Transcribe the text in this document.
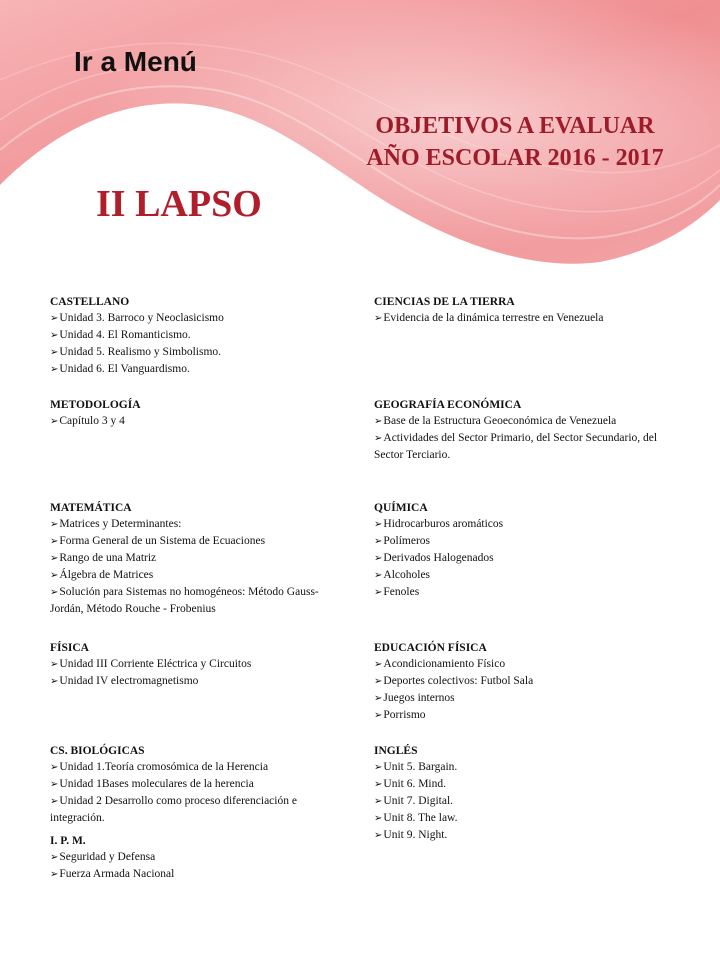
Ir a Menú
OBJETIVOS A EVALUAR
AÑO ESCOLAR 2016 - 2017
II LAPSO
CASTELLANO
➢Unidad 3. Barroco y Neoclasicismo
➢Unidad 4. El Romanticismo.
➢Unidad 5. Realismo y Simbolismo.
➢Unidad 6. El Vanguardismo.
CIENCIAS DE LA TIERRA
➢Evidencia de la dinámica terrestre en Venezuela
METODOLOGÍA
➢Capítulo 3 y 4
GEOGRAFÍA ECONÓMICA
➢Base de la Estructura Geoeconómica de Venezuela
➢Actividades del Sector Primario, del Sector Secundario, del Sector Terciario.
MATEMÁTICA
➢Matrices y Determinantes:
➢Forma General de un Sistema de Ecuaciones
➢Rango de una Matriz
➢Álgebra de Matrices
➢Solución para Sistemas no homogéneos: Método Gauss-Jordán, Método Rouche - Frobenius
QUÍMICA
➢Hidrocarburos aromáticos
➢Polímeros
➢Derivados Halogenados
➢Alcoholes
➢Fenoles
FÍSICA
➢Unidad III Corriente Eléctrica y Circuitos
➢Unidad IV electromagnetismo
EDUCACIÓN FÍSICA
➢Acondicionamiento Físico
➢Deportes colectivos: Futbol Sala
➢Juegos internos
➢Porrismo
CS. BIOLÓGICAS
➢Unidad 1.Teoría cromosómica de la Herencia
➢Unidad 1Bases moleculares de la herencia
➢Unidad 2 Desarrollo como proceso diferenciación e integración.
INGLÉS
➢Unit 5. Bargain.
➢Unit 6. Mind.
➢Unit 7. Digital.
➢Unit 8. The law.
➢Unit 9. Night.
I. P. M.
➢Seguridad y Defensa
➢Fuerza Armada Nacional
